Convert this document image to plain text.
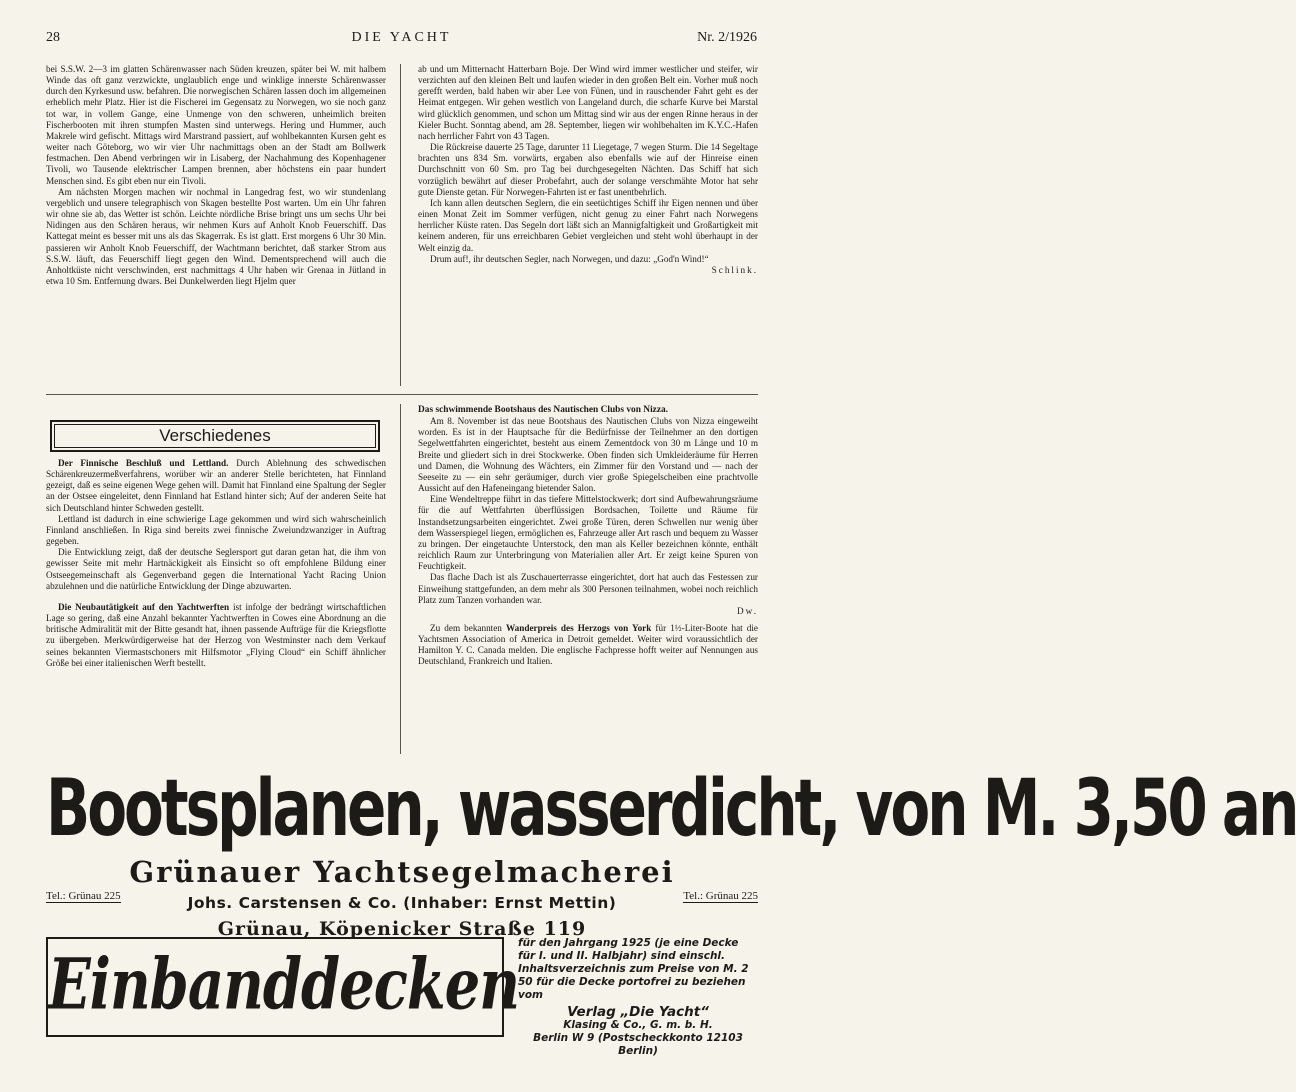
28	DIE YACHT	Nr. 2/1926

bei S.S.W. 2—3 im glatten Schärenwasser nach Süden kreuzen, später bei W. mit halbem Winde das oft ganz verzwickte, unglaublich enge und winklige innerste Schärenwasser durch den Kyrkesund usw. befahren. Die norwegischen Schären lassen doch im allgemeinen erheblich mehr Platz. Hier ist die Fischerei im Gegensatz zu Norwegen, wo sie noch ganz tot war, in vollem Gange, eine Unmenge von den schweren, unheimlich breiten Fischerbooten mit ihren stumpfen Masten sind unterwegs. Hering und Hummer, auch Makrele wird gefischt. Mittags wird Marstrand passiert, auf wohlbekannten Kursen geht es weiter nach Göteborg, wo wir vier Uhr nachmittags oben an der Stadt am Bollwerk festmachen. Den Abend verbringen wir in Lisaberg, der Nachahmung des Kopenhagener Tivoli, wo Tausende elektrischer Lampen brennen, aber höchstens ein paar hundert Menschen sind. Es gibt eben nur ein Tivoli.

Am nächsten Morgen machen wir nochmal in Langedrag fest, wo wir stundenlang vergeblich und unsere telegraphisch von Skagen bestellte Post warten. Um ein Uhr fahren wir ohne sie ab, das Wetter ist schön. Leichte nördliche Brise bringt uns um sechs Uhr bei Nidingen aus den Schären heraus, wir nehmen Kurs auf Anholt Knob Feuerschiff. Das Kattegat meint es besser mit uns als das Skagerrak. Es ist glatt. Erst morgens 6 Uhr 30 Min. passieren wir Anholt Knob Feuerschiff, der Wachtmann berichtet, daß starker Strom aus S.S.W. läuft, das Feuerschiff liegt gegen den Wind. Dementsprechend will auch die Anholtküste nicht verschwinden, erst nachmittags 4 Uhr haben wir Grenaa in Jütland in etwa 10 Sm. Entfernung dwars. Bei Dunkelwerden liegt Hjelm quer

ab und um Mitternacht Hatterbarn Boje. Der Wind wird immer westlicher und steifer, wir verzichten auf den kleinen Belt und laufen wieder in den großen Belt ein. Vorher muß noch gerefft werden, bald haben wir aber Lee von Fünen, und in rauschender Fahrt geht es der Heimat entgegen. Wir gehen westlich von Langeland durch, die scharfe Kurve bei Marstal wird glücklich genommen, und schon um Mittag sind wir aus der engen Rinne heraus in der Kieler Bucht. Sonntag abend, am 28. September, liegen wir wohlbehalten im K.Y.C.-Hafen nach herrlicher Fahrt von 43 Tagen.

Die Rückreise dauerte 25 Tage, darunter 11 Liegetage, 7 wegen Sturm. Die 14 Segeltage brachten uns 834 Sm. vorwärts, ergaben also ebenfalls wie auf der Hinreise einen Durchschnitt von 60 Sm. pro Tag bei durchgesegelten Nächten. Das Schiff hat sich vorzüglich bewährt auf dieser Probefahrt, auch der solange verschmähte Motor hat sehr gute Dienste getan. Für Norwegen-Fahrten ist er fast unentbehrlich.

Ich kann allen deutschen Seglern, die ein seetüchtiges Schiff ihr Eigen nennen und über einen Monat Zeit im Sommer verfügen, nicht genug zu einer Fahrt nach Norwegens herrlicher Küste raten. Das Segeln dort läßt sich an Mannigfaltigkeit und Großartigkeit mit keinem anderen, für uns erreichbaren Gebiet vergleichen und steht wohl überhaupt in der Welt einzig da.

Drum auf!, ihr deutschen Segler, nach Norwegen, und dazu: „God'n Wind!“

Schlink.
Verschiedenes

Der Finnische Beschluß und Lettland. Durch Ablehnung des schwedischen Schärenkreuzermeßverfahrens, worüber wir an anderer Stelle berichteten, hat Finnland gezeigt, daß es seine eigenen Wege gehen will. Damit hat Finnland eine Spaltung der Segler an der Ostsee eingeleitet, denn Finnland hat Estland hinter sich; Auf der anderen Seite hat sich Deutschland hinter Schweden gestellt.

Lettland ist dadurch in eine schwierige Lage gekommen und wird sich wahrscheinlich Finnland anschließen. In Riga sind bereits zwei finnische Zweiundzwanziger in Auftrag gegeben.

Die Entwicklung zeigt, daß der deutsche Seglersport gut daran getan hat, die ihm von gewisser Seite mit mehr Hartnäckigkeit als Einsicht so oft empfohlene Bildung einer Ostseegemeinschaft als Gegenverband gegen die International Yacht Racing Union abzulehnen und die natürliche Entwicklung der Dinge abzuwarten.

Die Neubautätigkeit auf den Yachtwerften ist infolge der bedrängt wirtschaftlichen Lage so gering, daß eine Anzahl bekannter Yachtwerften in Cowes eine Abordnung an die britische Admiralität mit der Bitte gesandt hat, ihnen passende Aufträge für die Kriegsflotte zu übergeben. Merkwürdigerweise hat der Herzog von Westminster nach dem Verkauf seines bekannten Viermastschoners mit Hilfsmotor „Flying Cloud“ ein Schiff ähnlicher Größe bei einer italienischen Werft bestellt.

Das schwimmende Bootshaus des Nautischen Clubs von Nizza.

Am 8. November ist das neue Bootshaus des Nautischen Clubs von Nizza eingeweiht worden. Es ist in der Hauptsache für die Bedürfnisse der Teilnehmer an den dortigen Segelwettfahrten eingerichtet, besteht aus einem Zementdock von 30 m Länge und 10 m Breite und gliedert sich in drei Stockwerke. Oben finden sich Umkleideräume für Herren und Damen, die Wohnung des Wächters, ein Zimmer für den Vorstand und — nach der Seeseite zu — ein sehr geräumiger, durch vier große Spiegelscheiben eine prachtvolle Aussicht auf den Hafeneingang bietender Salon.

Eine Wendeltreppe führt in das tiefere Mittelstockwerk; dort sind Aufbewahrungsräume für die auf Wettfahrten überflüssigen Bordsachen, Toilette und Räume für Instandsetzungsarbeiten eingerichtet. Zwei große Türen, deren Schwellen nur wenig über dem Wasserspiegel liegen, ermöglichen es, Fahrzeuge aller Art rasch und bequem zu Wasser zu bringen. Der eingetauchte Unterstock, den man als Keller bezeichnen könnte, enthält reichlich Raum zur Unterbringung von Materialien aller Art. Er zeigt keine Spuren von Feuchtigkeit.

Das flache Dach ist als Zuschauerterrasse eingerichtet, dort hat auch das Festessen zur Einweihung stattgefunden, an dem mehr als 300 Personen teilnahmen, wobei noch reichlich Platz zum Tanzen vorhanden war.

Dw.

Zu dem bekannten Wanderpreis des Herzogs von York für 1½-Liter-Boote hat die Yachtsmen Association of America in Detroit gemeldet. Weiter wird voraussichtlich der Hamilton Y. C. Canada melden. Die englische Fachpresse hofft weiter auf Nennungen aus Deutschland, Frankreich und Italien.

Bootsplanen, wasserdicht, von M. 3,50 an
Grünauer Yachtsegelmacherei
Tel.: Grünau 225	Johs. Carstensen & Co. (Inhaber: Ernst Mettin)	Tel.: Grünau 225
Grünau, Köpenicker Straße 119
Einbanddecken
für den Jahrgang 1925 (je eine Decke für I. und II. Halbjahr) sind einschl. Inhaltsverzeichnis zum Preise von M. 2 50 für die Decke portofrei zu beziehen vom
Verlag „Die Yacht“
Klasing & Co., G. m. b. H.
Berlin W 9 (Postscheckkonto 12103 Berlin)
